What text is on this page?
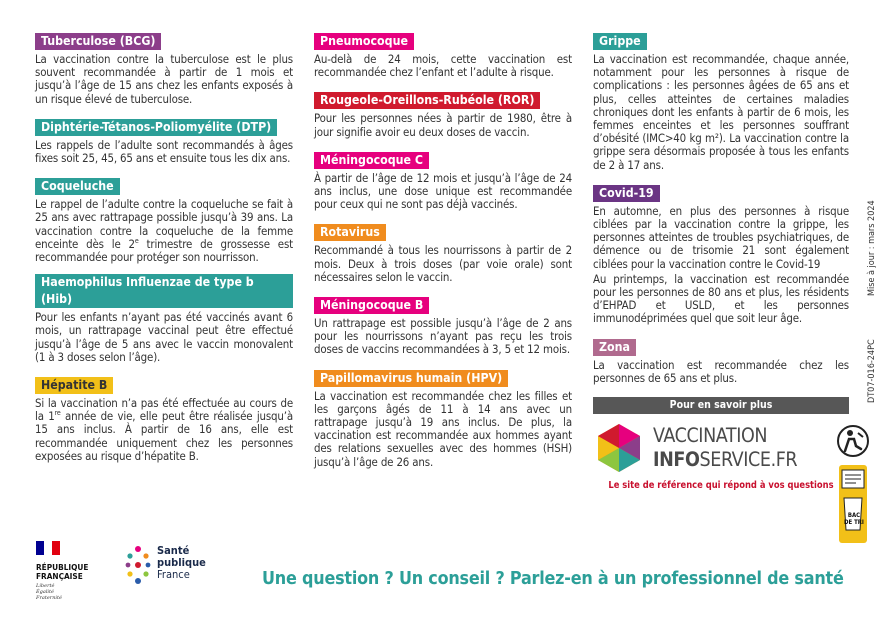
Tuberculose (BCG)

La vaccination contre la tuberculose est le plus souvent recommandée à partir de 1 mois et jusqu’à l’âge de 15 ans chez les enfants exposés à un risque élevé de tuberculose.

Diphtérie-Tétanos-Poliomyélite (DTP)

Les rappels de l’adulte sont recommandés à âges fixes soit 25, 45, 65 ans et ensuite tous les dix ans.

Coqueluche

Le rappel de l’adulte contre la coqueluche se fait à 25 ans avec rattrapage possible jusqu’à 39 ans. La vaccination contre la coqueluche de la femme enceinte dès le 2e trimestre de grossesse est recommandée pour protéger son nourrisson.

Haemophilus Influenzae de type b (Hib)

Pour les enfants n’ayant pas été vaccinés avant 6 mois, un rattrapage vaccinal peut être effectué jusqu’à l’âge de 5 ans avec le vaccin monovalent (1 à 3 doses selon l’âge).

Hépatite B

Si la vaccination n’a pas été effectuée au cours de la 1re année de vie, elle peut être réalisée jusqu’à 15 ans inclus. À partir de 16 ans, elle est recommandée uniquement chez les personnes exposées au risque d’hépatite B.

Pneumocoque

Au-delà de 24 mois, cette vaccination est recommandée chez l’enfant et l’adulte à risque.

Rougeole-Oreillons-Rubéole (ROR)

Pour les personnes nées à partir de 1980, être à jour signifie avoir eu deux doses de vaccin.

Méningocoque C

À partir de l’âge de 12 mois et jusqu’à l’âge de 24 ans inclus, une dose unique est recommandée pour ceux qui ne sont pas déjà vaccinés.

Rotavirus

Recommandé à tous les nourrissons à partir de 2 mois. Deux à trois doses (par voie orale) sont nécessaires selon le vaccin.

Méningocoque B

Un rattrapage est possible jusqu’à l’âge de 2 ans pour les nourrissons n’ayant pas reçu les trois doses de vaccins recommandées à 3, 5 et 12 mois.

Papillomavirus humain (HPV)

La vaccination est recommandée chez les filles et les garçons âgés de 11 à 14 ans avec un rattrapage jusqu’à 19 ans inclus. De plus, la vaccination est recommandée aux hommes ayant des relations sexuelles avec des hommes (HSH) jusqu’à l’âge de 26 ans.

Grippe

La vaccination est recommandée, chaque année, notamment pour les personnes à risque de complications : les personnes âgées de 65 ans et plus, celles atteintes de certaines maladies chroniques dont les enfants à partir de 6 mois, les femmes enceintes et les personnes souffrant d’obésité (IMC>40 kg m²). La vaccination contre la grippe sera désormais proposée à tous les enfants de 2 à 17 ans.

Covid-19

En automne, en plus des personnes à risque ciblées par la vaccination contre la grippe, les personnes atteintes de troubles psychiatriques, de démence ou de trisomie 21 sont également ciblées pour la vaccination contre le Covid-19

Au printemps, la vaccination est recommandée pour les personnes de 80 ans et plus, les résidents d’EHPAD et USLD, et les personnes immunodéprimées quel que soit leur âge.

Zona

La vaccination est recommandée chez les personnes de 65 ans et plus.

Pour en savoir plus
VACCINATION
INFOSERVICE.FR
Le site de référence qui répond à vos questions
Mise à jour : mars 2024
DT07-016-24PC
BAC DE TRI
RÉPUBLIQUE
FRANÇAISE
Liberté
Égalité
Fraternité
Santé
publique
France	Une question ? Un conseil ? Parlez-en à un professionnel de santé
